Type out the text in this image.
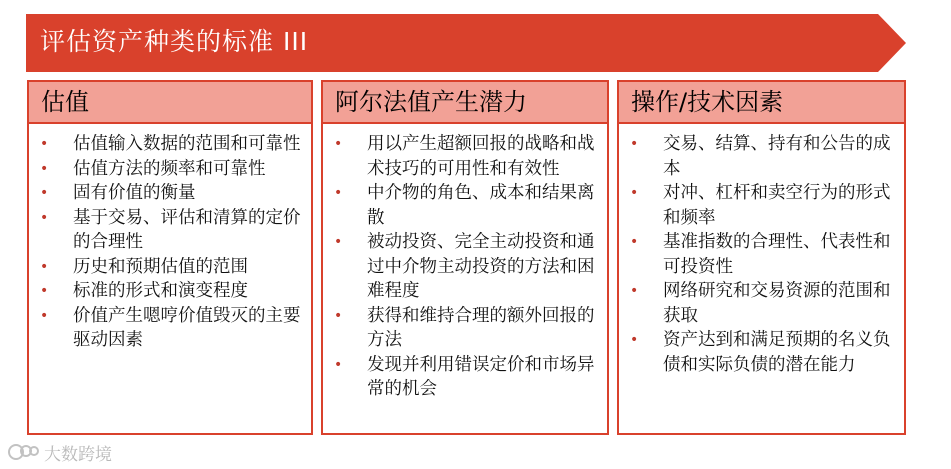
评估资产种类的标准 III
估值
• 估值输入数据的范围和可靠性
• 估值方法的频率和可靠性
• 固有价值的衡量
• 基于交易、评估和清算的定价的合理性
• 历史和预期估值的范围
• 标准的形式和演变程度
• 价值产生嗯哼价值毁灭的主要驱动因素
阿尔法值产生潜力
• 用以产生超额回报的战略和战术技巧的可用性和有效性
• 中介物的角色、成本和结果离散
• 被动投资、完全主动投资和通过中介物主动投资的方法和困难程度
• 获得和维持合理的额外回报的方法
• 发现并利用错误定价和市场异常的机会
操作/技术因素
• 交易、结算、持有和公告的成本
• 对冲、杠杆和卖空行为的形式和频率
• 基准指数的合理性、代表性和可投资性
• 网络研究和交易资源的范围和获取
• 资产达到和满足预期的名义负债和实际负债的潜在能力
大数跨境
